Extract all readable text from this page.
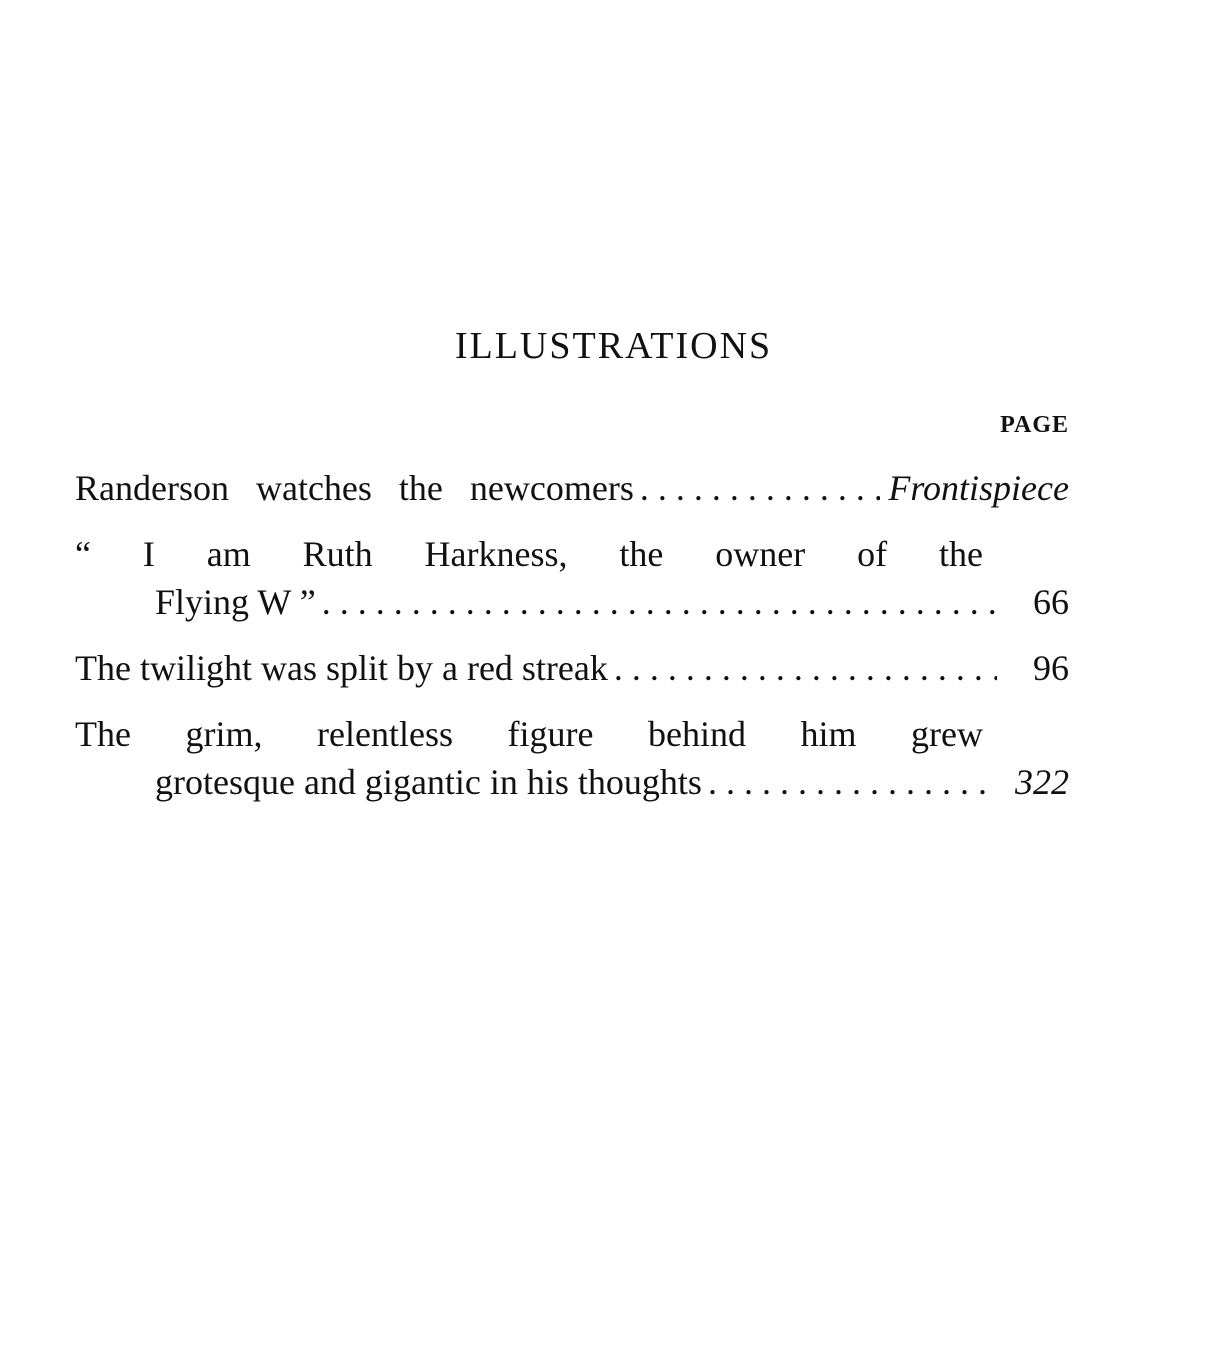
ILLUSTRATIONS
PAGE
Randerson watches the newcomers . . .	Frontispiece
“ I am Ruth Harkness, the owner of the
Flying W ” . . .	66
The twilight was split by a red streak . . .	96
The grim, relentless figure behind him grew
grotesque and gigantic in his thoughts . . .	322
